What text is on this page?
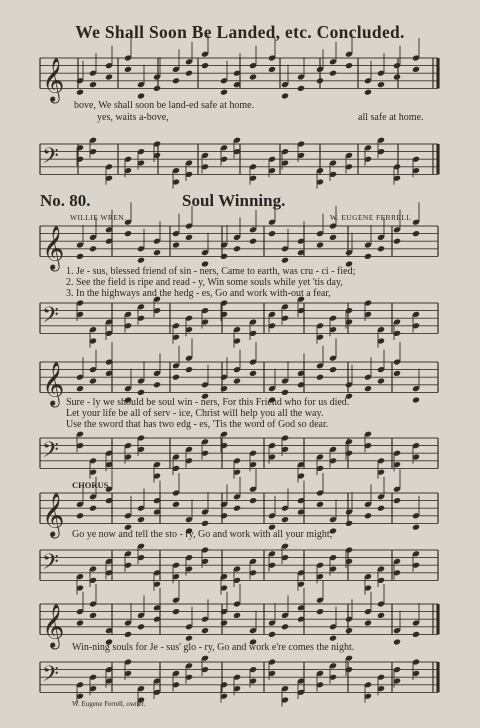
We Shall Soon Be Landed, etc. Concluded.
𝄞
𝄢
𝄞
𝄢
𝄞
𝄢
𝄞
𝄢
𝄞
𝄢
bove, We shall soon be land-ed safe at home.
yes, waits a-bove,	all safe at home.
No. 80.	Soul Winning.
WILLIE WREN.	W. EUGENE FERRELL
1. Je - sus, blessed friend of sin - ners, Came to earth, was cru - ci - fied;
2. See the field is ripe and read - y, Win some souls while yet 'tis day,
3. In the highways and the hedg - es, Go and work with-out a fear,
Sure - ly we should be soul win - ners, For this Friend who for us died.
Let your life be all of serv - ice, Christ will help you all the way.
Use the sword that has two edg - es, 'Tis the word of God so dear.
CHORUS.
Go ye now and tell the sto - ry, Go and work with all your might;
Win-ning souls for Je - sus' glo - ry, Go and work e're comes the night.
W. Eugene Ferrell, owner.
